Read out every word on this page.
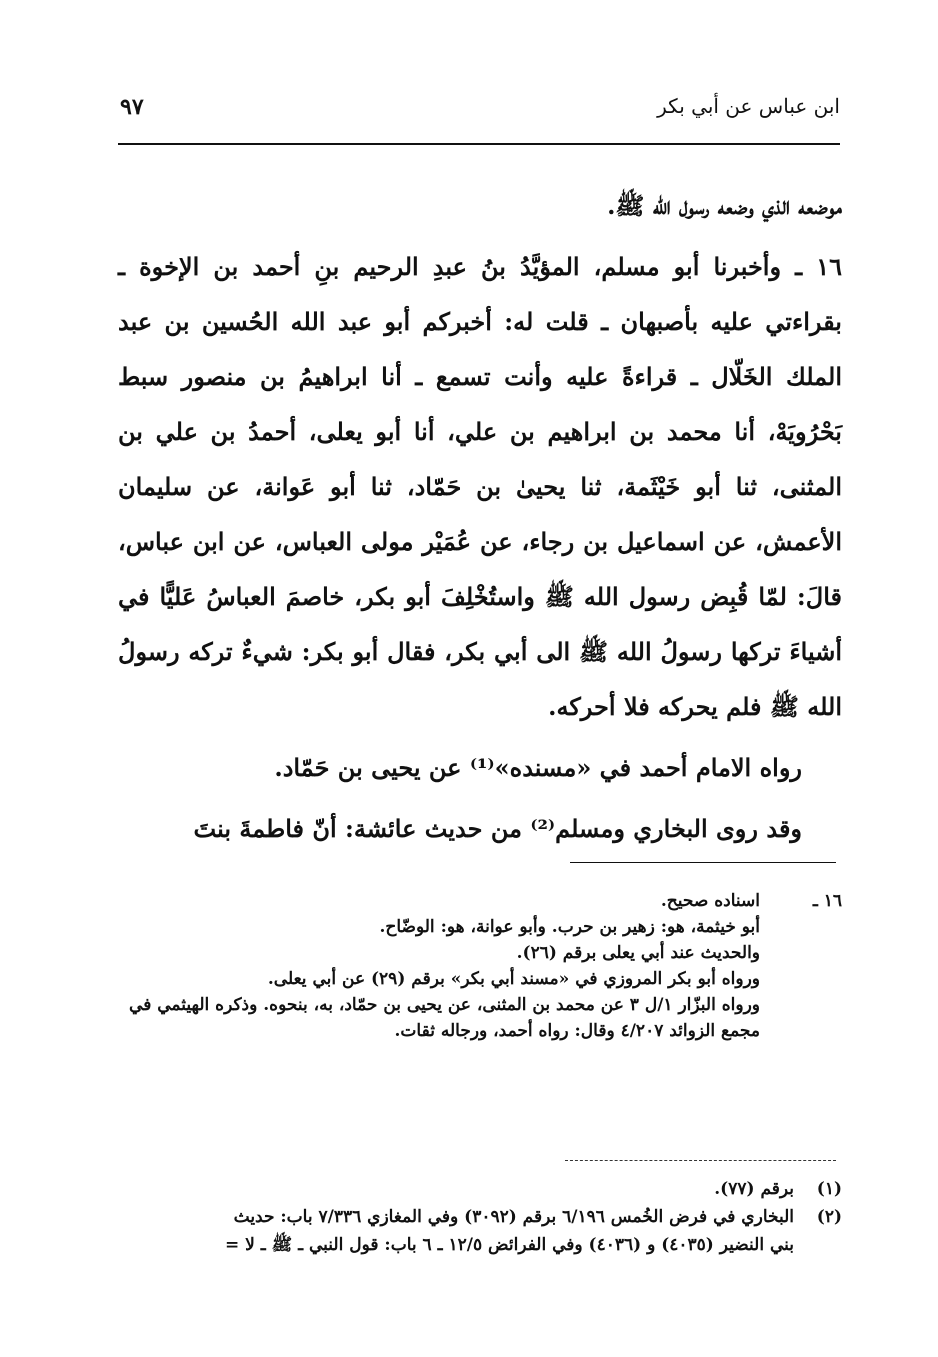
٩٧	ابن عباس عن أبي بكر

موضعه الذي وضعه رسول الله ﷺ.

١٦ ـ وأخبرنا أبو مسلم، المؤيَّدُ بنُ عبدِ الرحيم بنِ أحمد بن الإخوة ـ بقراءتي عليه بأصبهان ـ قلت له: أخبركم أبو عبد الله الحُسين بن عبد الملك الخَلّال ـ قراءةً عليه وأنت تسمع ـ أنا ابراهيمُ بن منصور سبط بَحْرُويَهْ، أنا محمد بن ابراهيم بن علي، أنا أبو يعلى، أحمدُ بن علي بن المثنى، ثنا أبو خَيْثَمة، ثنا يحيىٰ بن حَمّاد، ثنا أبو عَوانة، عن سليمان الأعمش، عن اسماعيل بن رجاء، عن عُمَيْر مولى العباس، عن ابن عباس، قالَ: لمّا قُبِض رسول الله ﷺ واستُخْلِفَ أبو بكر، خاصمَ العباسُ عَليًّا في أشياءَ تركها رسولُ الله ﷺ الى أبي بكر، فقال أبو بكر: شيءٌ تركه رسولُ الله ﷺ فلم يحركه فلا أحركه.

رواه الامام أحمد في «مسنده»⁽¹⁾ عن يحيى بن حَمّاد.

وقد روى البخاري ومسلم⁽²⁾ من حديث عائشة: أنّ فاطمةَ بنتَ

١٦ ـ
اسناده صحيح.
أبو خيثمة، هو: زهير بن حرب. وأبو عوانة، هو: الوضّاح.
والحديث عند أبي يعلى برقم (٢٦).
ورواه أبو بكر المروزي في «مسند أبي بكر» برقم (٢٩) عن أبي يعلى.
ورواه البزّار ١/ل ٣ عن محمد بن المثنى، عن يحيى بن حمّاد، به، بنحوه. وذكره الهيثمي في مجمع الزوائد ٤/٢٠٧ وقال: رواه أحمد، ورجاله ثقات.
(١)
برقم (٧٧).
(٢)
البخاري في فرض الخُمس ٦/١٩٦ برقم (٣٠٩٢) وفي المغازي ٧/٣٣٦ باب: حديث
بني النضير (٤٠٣٥) و (٤٠٣٦) وفي الفرائض ١٢/٥ ـ ٦ باب: قول النبي ـ ﷺ ـ لا =
